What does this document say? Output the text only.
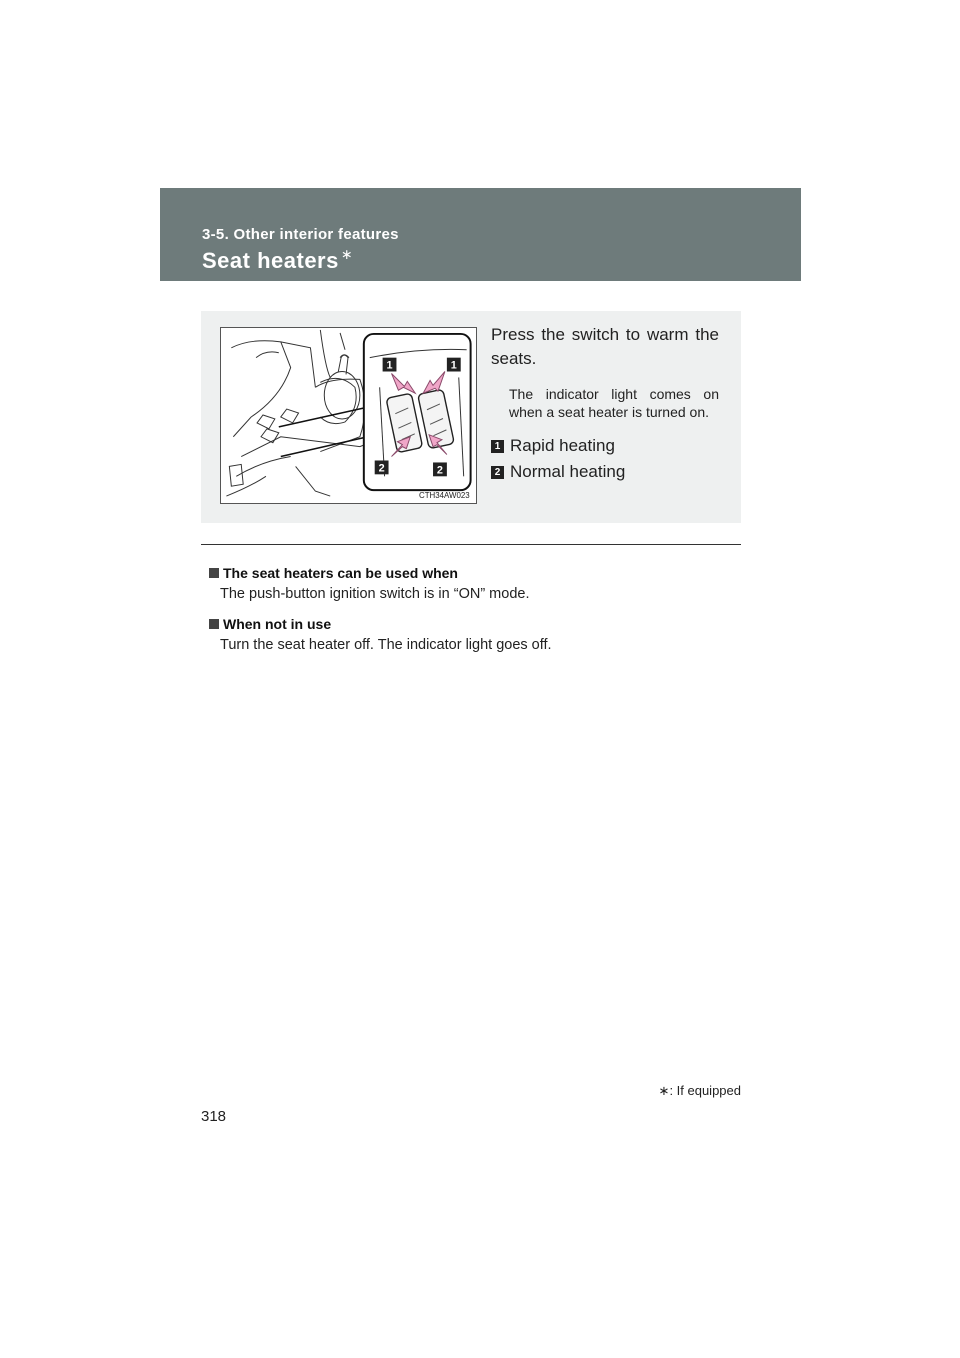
3-5. Other interior features
Seat heaters ∗
1	1
2	2
CTH34AW023

Press the switch to warm the seats.

The indicator light comes on when a seat heater is turned on.

1 Rapid heating
2 Normal heating
The seat heaters can be used when
The push-button ignition switch is in “ON” mode.
When not in use
Turn the seat heater off. The indicator light goes off.
∗: If equipped
318
